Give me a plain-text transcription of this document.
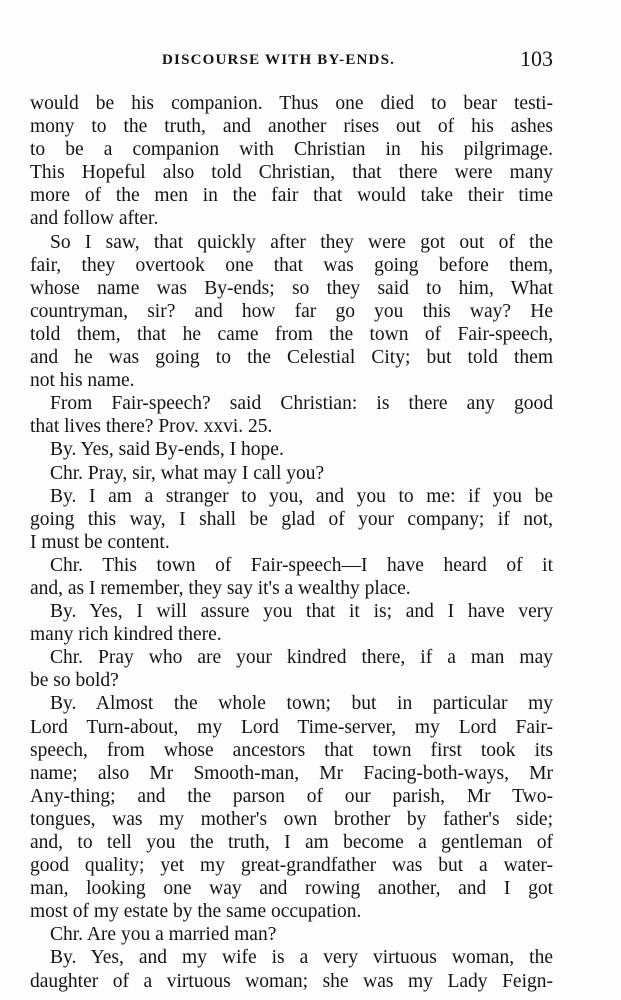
DISCOURSE WITH BY-ENDS.	103
would be his companion. Thus one died to bear testi-
mony to the truth, and another rises out of his ashes
to be a companion with Christian in his pilgrimage.
This Hopeful also told Christian, that there were many
more of the men in the fair that would take their time
and follow after.
So I saw, that quickly after they were got out of the
fair, they overtook one that was going before them,
whose name was By-ends; so they said to him, What
countryman, sir? and how far go you this way? He
told them, that he came from the town of Fair-speech,
and he was going to the Celestial City; but told them
not his name.
From Fair-speech? said Christian: is there any good
that lives there? Prov. xxvi. 25.
By. Yes, said By-ends, I hope.
Chr. Pray, sir, what may I call you?
By. I am a stranger to you, and you to me: if you be
going this way, I shall be glad of your company; if not,
I must be content.
Chr. This town of Fair-speech—I have heard of it
and, as I remember, they say it's a wealthy place.
By. Yes, I will assure you that it is; and I have very
many rich kindred there.
Chr. Pray who are your kindred there, if a man may
be so bold?
By. Almost the whole town; but in particular my
Lord Turn-about, my Lord Time-server, my Lord Fair-
speech, from whose ancestors that town first took its
name; also Mr Smooth-man, Mr Facing-both-ways, Mr
Any-thing; and the parson of our parish, Mr Two-
tongues, was my mother's own brother by father's side;
and, to tell you the truth, I am become a gentleman of
good quality; yet my great-grandfather was but a water-
man, looking one way and rowing another, and I got
most of my estate by the same occupation.
Chr. Are you a married man?
By. Yes, and my wife is a very virtuous woman, the
daughter of a virtuous woman; she was my Lady Feign-
